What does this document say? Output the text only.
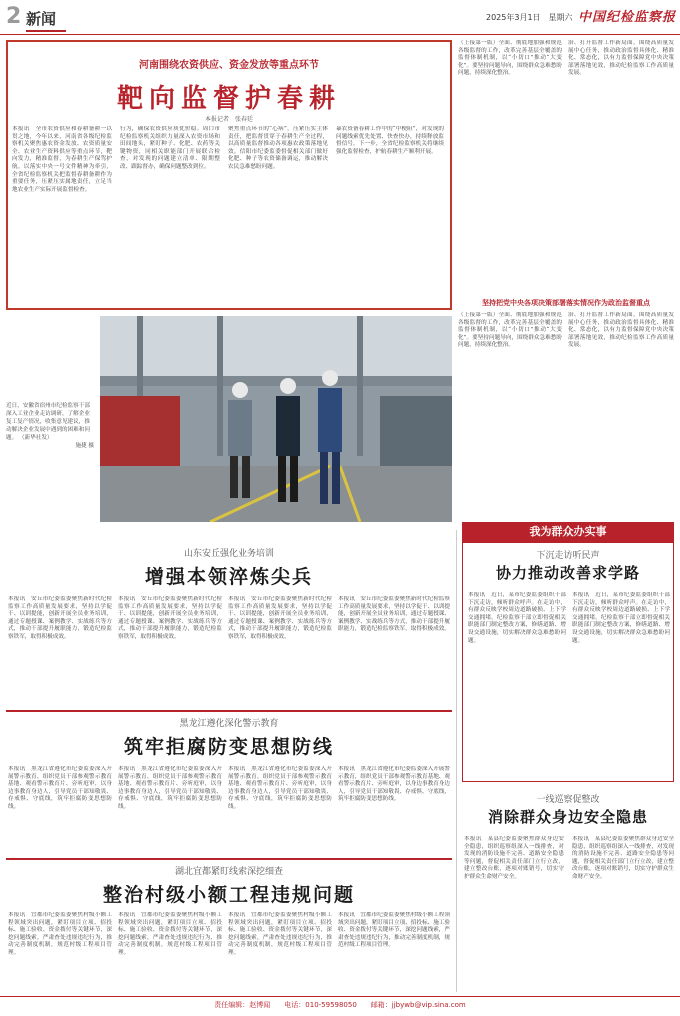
2 新闻	2025年3月1日　星期六 中国纪检监察报
河南围绕农资供应、资金发放等重点环节
靶向监督护春耕
本报记者　张春廷
本报讯　全市农资供应和春耕备耕一以贯之地，今年以来，河南省各级纪检监察机关聚焦惠农资金发放、农资质量安全、农业生产资料供应等重点环节，靶向发力，精准监督，为春耕生产保驾护航。以落实中央一号文件精神为牵引，全省纪检监察机关把监督春耕备耕作为重要任务，压紧压实属地责任，立足当地农业生产实际开展监督检查。
行为，确保农资供应质优价稳。周口市纪检监察机关组织力量深入农资市场和田间地头，紧盯种子、化肥、农药等关键物资，同相关职能部门开展联合检查，对发现的问题建立清单、限期整改、跟踪督办，确保问题整改到位。
聚焦重点环节的“心病”，压紧压实主体责任，把监督贯穿于春耕生产全过程，以高质量监督推动各项惠农政策落地见效。信阳市纪委监委督促相关部门做好化肥、种子等农资储备调运，推动解决农民急难愁盼问题。
暴农资备春耕工作中的“中梗阻”，对发现的问题线索优先处置、快查快办，持续释放监督信号。下一步，全省纪检监察机关将继续强化监督检查，护航春耕生产顺利开展。
（上接第一版）全面、彻底地加强和规范各级监督的工作，改革完善基层全覆盖的监督体制机制，以“小切口”推动“大变化”。要坚持问题导向，围绕群众急难愁盼问题，持续深化整治。
治、打开监督工作新局面。围绕高质量发展中心任务，推动政治监督具体化、精准化、常态化，以有力监督保障党中央决策部署落地见效，推动纪检监察工作高质量发展。
坚持把党中央各项决策部署落实情况作为政治监督重点
（上接第一版）全面、彻底地加强和规范各级监督的工作，改革完善基层全覆盖的监督体制机制，以“小切口”推动“大变化”。要坚持问题导向，围绕群众急难愁盼问题，持续深化整治。
治、打开监督工作新局面。围绕高质量发展中心任务，推动政治监督具体化、精准化、常态化，以有力监督保障党中央决策部署落地见效，推动纪检监察工作高质量发展。
近日，安徽省宿州市纪检监察干部深入工业企业走访调研，了解企业复工复产情况，收集意见建议，推动解决企业发展中遇到的困难和问题。 （新华社发）
施捷 摄
山东安丘强化业务培训
增强本领淬炼尖兵
本报讯　安丘市纪委监委聚焦新时代纪检监察工作高质量发展要求，坚持以学促干、以训提能，创新开展全员业务培训，通过专题授课、案例教学、实战练兵等方式，推动干部提升履职能力，锻造纪检监察铁军，取得积极成效。
本报讯　安丘市纪委监委聚焦新时代纪检监察工作高质量发展要求，坚持以学促干、以训提能，创新开展全员业务培训，通过专题授课、案例教学、实战练兵等方式，推动干部提升履职能力，锻造纪检监察铁军，取得积极成效。
本报讯　安丘市纪委监委聚焦新时代纪检监察工作高质量发展要求，坚持以学促干、以训提能，创新开展全员业务培训，通过专题授课、案例教学、实战练兵等方式，推动干部提升履职能力，锻造纪检监察铁军，取得积极成效。
本报讯　安丘市纪委监委聚焦新时代纪检监察工作高质量发展要求，坚持以学促干、以训提能，创新开展全员业务培训，通过专题授课、案例教学、实战练兵等方式，推动干部提升履职能力，锻造纪检监察铁军，取得积极成效。
黑龙江遵化深化警示教育
筑牢拒腐防变思想防线
本报讯　黑龙江省遵化市纪委监委深入开展警示教育，组织党员干部参观警示教育基地、观看警示教育片、旁听庭审，以身边事教育身边人，引导党员干部知敬畏、存戒惧、守底线，筑牢拒腐防变思想防线。
本报讯　黑龙江省遵化市纪委监委深入开展警示教育，组织党员干部参观警示教育基地、观看警示教育片、旁听庭审，以身边事教育身边人，引导党员干部知敬畏、存戒惧、守底线，筑牢拒腐防变思想防线。
本报讯　黑龙江省遵化市纪委监委深入开展警示教育，组织党员干部参观警示教育基地、观看警示教育片、旁听庭审，以身边事教育身边人，引导党员干部知敬畏、存戒惧、守底线，筑牢拒腐防变思想防线。
本报讯　黑龙江省遵化市纪委监委深入开展警示教育，组织党员干部参观警示教育基地、观看警示教育片、旁听庭审，以身边事教育身边人，引导党员干部知敬畏、存戒惧、守底线，筑牢拒腐防变思想防线。
湖北宜都紧盯线索深挖细查
整治村级小额工程违规问题
本报讯　宜都市纪委监委聚焦村级小额工程领域突出问题，紧盯项目立项、招投标、施工验收、资金拨付等关键环节，深挖问题线索，严肃查处违规违纪行为，推动完善制度机制，规范村级工程项目管理。
本报讯　宜都市纪委监委聚焦村级小额工程领域突出问题，紧盯项目立项、招投标、施工验收、资金拨付等关键环节，深挖问题线索，严肃查处违规违纪行为，推动完善制度机制，规范村级工程项目管理。
本报讯　宜都市纪委监委聚焦村级小额工程领域突出问题，紧盯项目立项、招投标、施工验收、资金拨付等关键环节，深挖问题线索，严肃查处违规违纪行为，推动完善制度机制，规范村级工程项目管理。
本报讯　宜都市纪委监委聚焦村级小额工程领域突出问题，紧盯项目立项、招投标、施工验收、资金拨付等关键环节，深挖问题线索，严肃查处违规违纪行为，推动完善制度机制，规范村级工程项目管理。
我为群众办实事
下沉走访听民声
协力推动改善求学路
本报讯　近日，某市纪委监委组织干部下沉走访，倾听群众呼声。在走访中，有群众反映学校周边道路破损、上下学交通拥堵。纪检监察干部立即督促相关职能部门制定整改方案，修缮道路、增设交通设施，切实解决群众急难愁盼问题。
本报讯　近日，某市纪委监委组织干部下沉走访，倾听群众呼声。在走访中，有群众反映学校周边道路破损、上下学交通拥堵。纪检监察干部立即督促相关职能部门制定整改方案，修缮道路、增设交通设施，切实解决群众急难愁盼问题。
一线巡察促整改
消除群众身边安全隐患
本报讯　某县纪委监委聚焦群众身边安全隐患，组织巡察组深入一线排查，对发现的消防设施不完善、道路安全隐患等问题，督促相关责任部门立行立改，建立整改台账，逐项对账销号，切实守护群众生命财产安全。
本报讯　某县纪委监委聚焦群众身边安全隐患，组织巡察组深入一线排查，对发现的消防设施不完善、道路安全隐患等问题，督促相关责任部门立行立改，建立整改台账，逐项对账销号，切实守护群众生命财产安全。
责任编辑：赵博闻　　电话：010-59598050　　邮箱：jjbywb@vip.sina.com
